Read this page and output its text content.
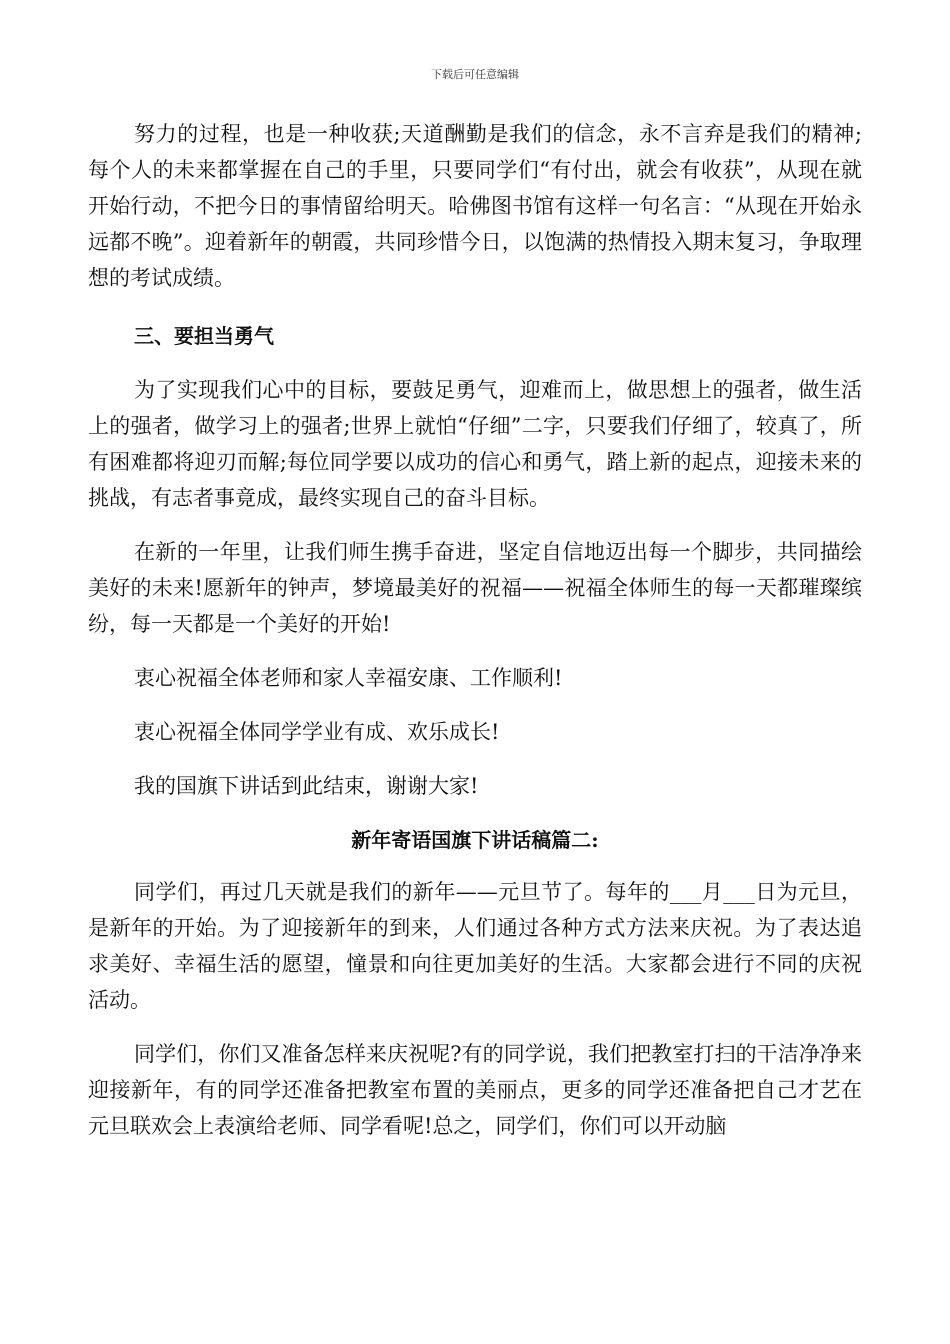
下载后可任意编辑

努力的过程，也是一种收获;天道酬勤是我们的信念，永不言弃是我们的精神;每个人的未来都掌握在自己的手里，只要同学们“有付出，就会有收获”，从现在就开始行动，不把今日的事情留给明天。哈佛图书馆有这样一句名言：“从现在开始永远都不晚”。迎着新年的朝霞，共同珍惜今日，以饱满的热情投入期末复习，争取理想的考试成绩。

三、要担当勇气

为了实现我们心中的目标，要鼓足勇气，迎难而上，做思想上的强者，做生活上的强者，做学习上的强者;世界上就怕“仔细”二字，只要我们仔细了，较真了，所有困难都将迎刃而解;每位同学要以成功的信心和勇气，踏上新的起点，迎接未来的挑战，有志者事竟成，最终实现自己的奋斗目标。

在新的一年里，让我们师生携手奋进，坚定自信地迈出每一个脚步，共同描绘美好的未来!愿新年的钟声，梦境最美好的祝福——祝福全体师生的每一天都璀璨缤纷，每一天都是一个美好的开始!

衷心祝福全体老师和家人幸福安康、工作顺利!

衷心祝福全体同学学业有成、欢乐成长!

我的国旗下讲话到此结束，谢谢大家!

新年寄语国旗下讲话稿篇二:

同学们，再过几天就是我们的新年——元旦节了。每年的___月___日为元旦，是新年的开始。为了迎接新年的到来，人们通过各种方式方法来庆祝。为了表达追求美好、幸福生活的愿望，憧景和向往更加美好的生活。大家都会进行不同的庆祝活动。

同学们，你们又准备怎样来庆祝呢?有的同学说，我们把教室打扫的干洁净净来迎接新年，有的同学还准备把教室布置的美丽点，更多的同学还准备把自己才艺在元旦联欢会上表演给老师、同学看呢!总之，同学们，你们可以开动脑
